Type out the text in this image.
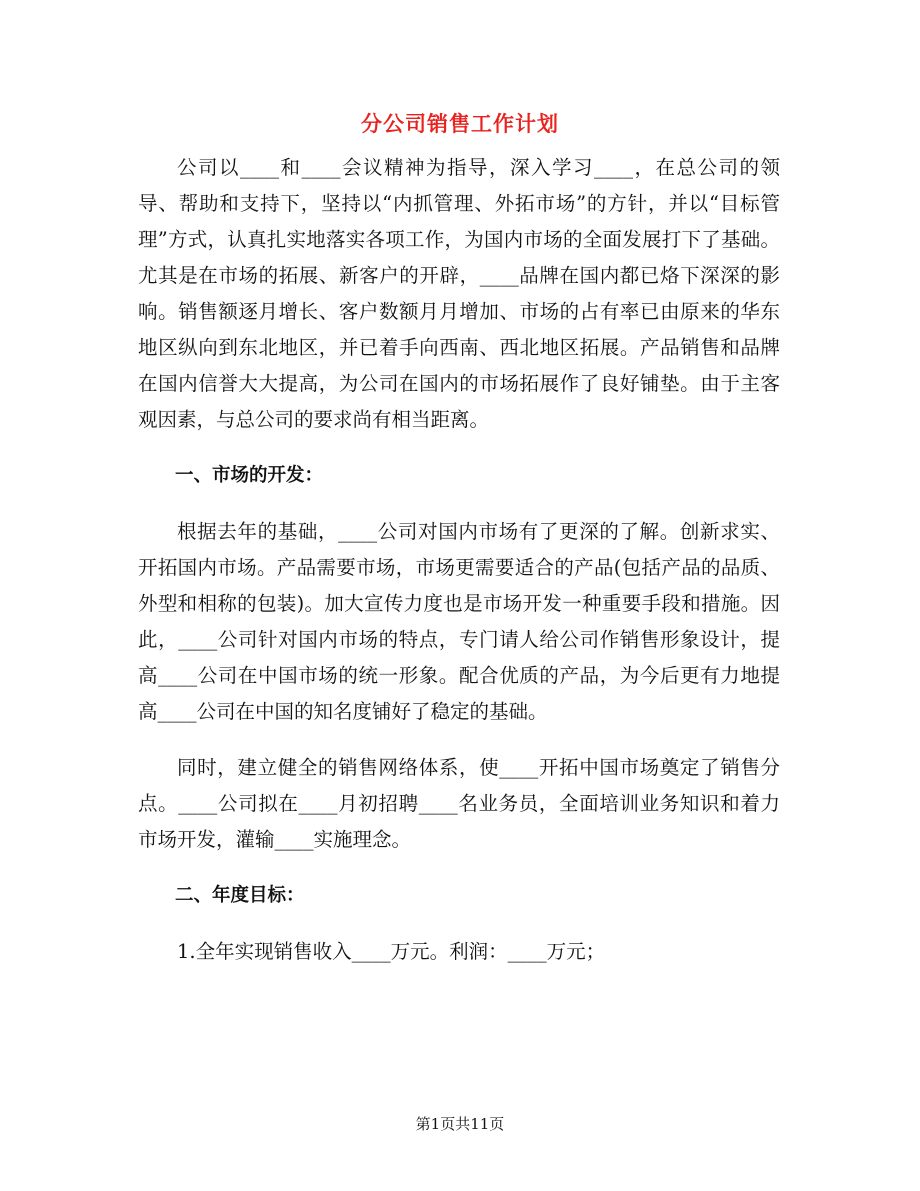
分公司销售工作计划

公司以____和____会议精神为指导，深入学习____，在总公司的领导、帮助和支持下，坚持以“内抓管理、外拓市场”的方针，并以“目标管理”方式，认真扎实地落实各项工作，为国内市场的全面发展打下了基础。尤其是在市场的拓展、新客户的开辟，____品牌在国内都已烙下深深的影响。销售额逐月增长、客户数额月月增加、市场的占有率已由原来的华东地区纵向到东北地区，并已着手向西南、西北地区拓展。产品销售和品牌在国内信誉大大提高，为公司在国内的市场拓展作了良好铺垫。由于主客观因素，与总公司的要求尚有相当距离。

一、市场的开发：

根据去年的基础，____公司对国内市场有了更深的了解。创新求实、开拓国内市场。产品需要市场，市场更需要适合的产品(包括产品的品质、外型和相称的包装)。加大宣传力度也是市场开发一种重要手段和措施。因此，____公司针对国内市场的特点，专门请人给公司作销售形象设计，提高____公司在中国市场的统一形象。配合优质的产品，为今后更有力地提高____公司在中国的知名度铺好了稳定的基础。

同时，建立健全的销售网络体系，使____开拓中国市场奠定了销售分点。____公司拟在____月初招聘____名业务员，全面培训业务知识和着力市场开发，灌输____实施理念。

二、年度目标：

1.全年实现销售收入____万元。利润：____万元；

第1页共11页
